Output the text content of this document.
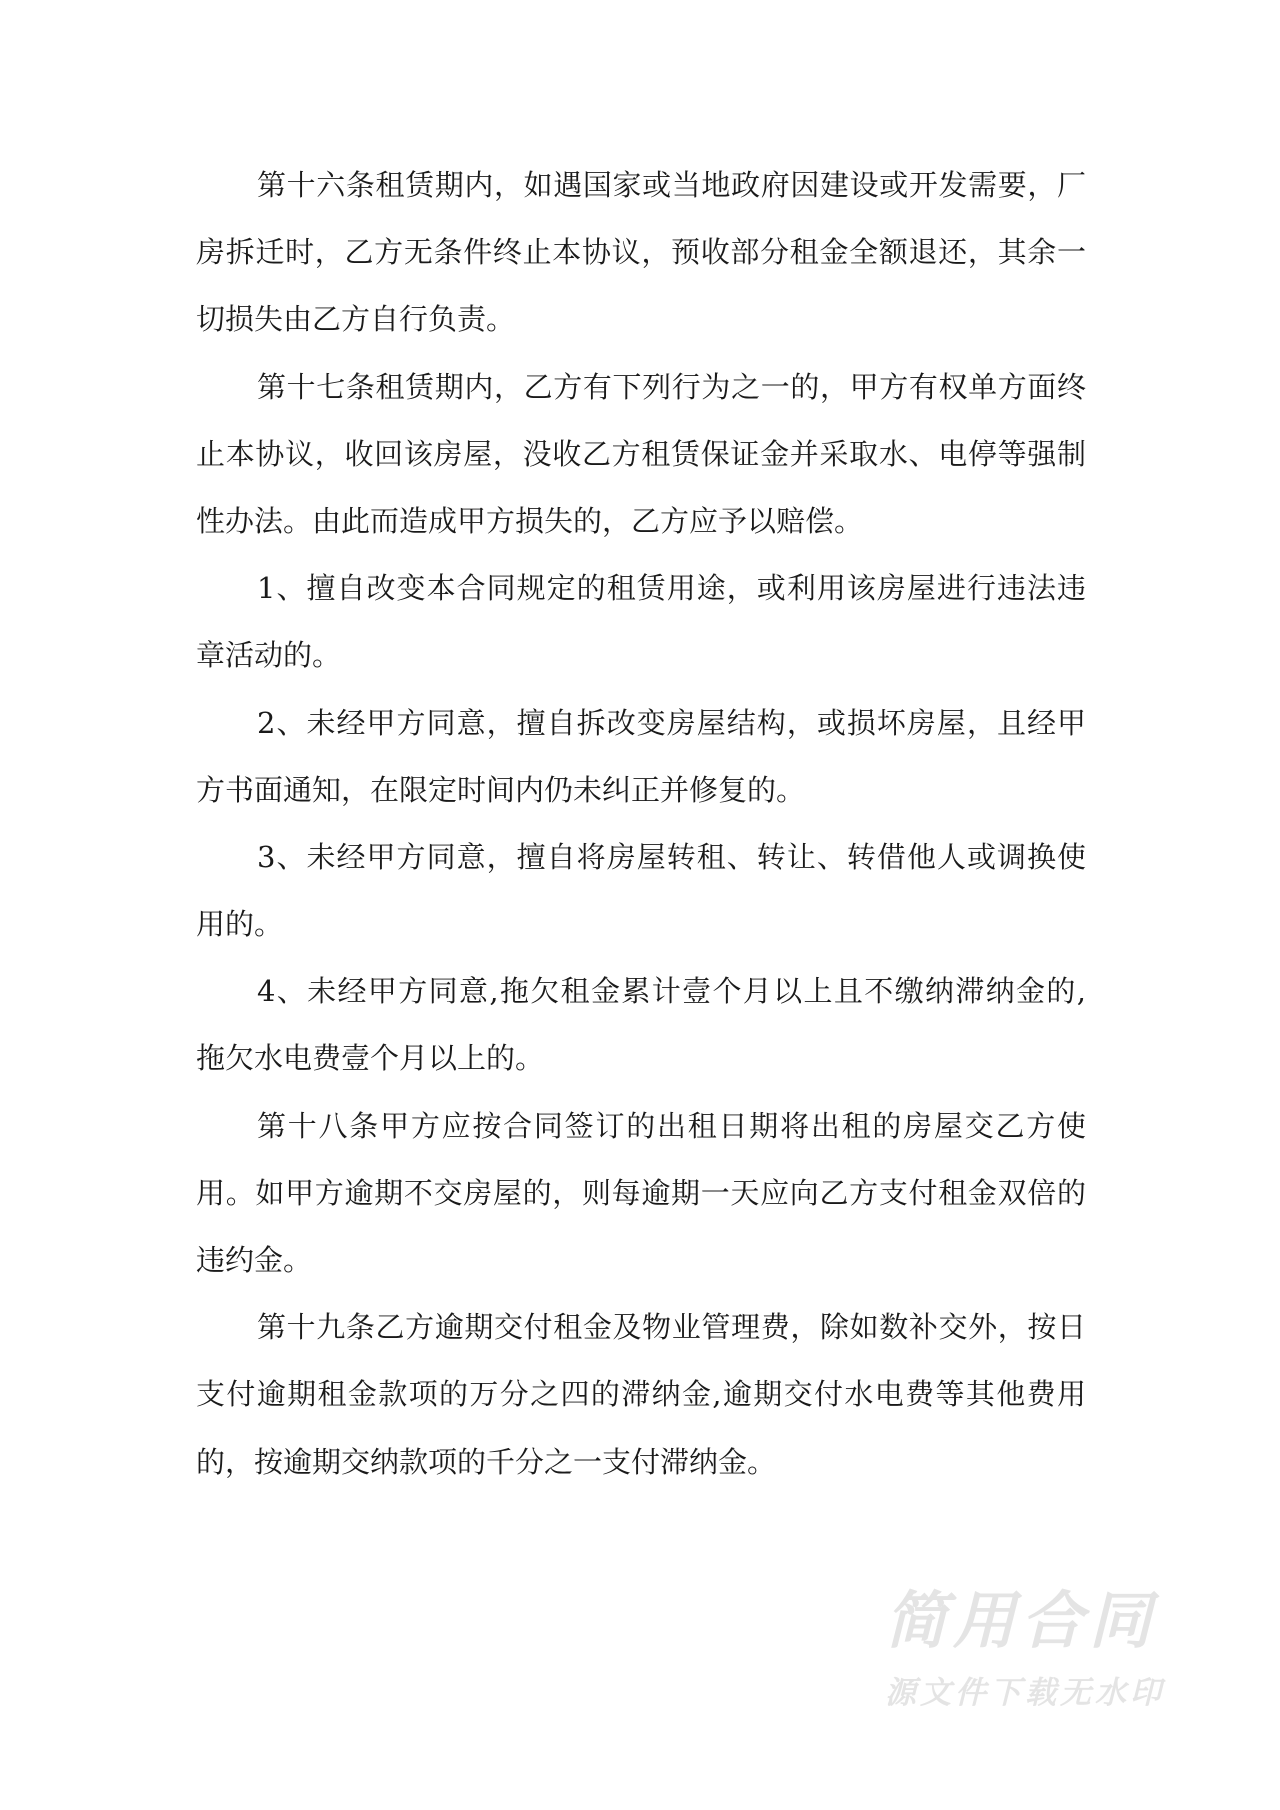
第十六条租赁期内，如遇国家或当地政府因建设或开发需要，厂
房拆迁时，乙方无条件终止本协议，预收部分租金全额退还，其余一
切损失由乙方自行负责。
第十七条租赁期内，乙方有下列行为之一的，甲方有权单方面终
止本协议，收回该房屋，没收乙方租赁保证金并采取水、电停等强制
性办法。由此而造成甲方损失的，乙方应予以赔偿。
1、擅自改变本合同规定的租赁用途，或利用该房屋进行违法违
章活动的。
2、未经甲方同意，擅自拆改变房屋结构，或损坏房屋，且经甲
方书面通知，在限定时间内仍未纠正并修复的。
3、未经甲方同意，擅自将房屋转租、转让、转借他人或调换使
用的。
4、未经甲方同意,拖欠租金累计壹个月以上且不缴纳滞纳金的,
拖欠水电费壹个月以上的。
第十八条甲方应按合同签订的出租日期将出租的房屋交乙方使
用。如甲方逾期不交房屋的，则每逾期一天应向乙方支付租金双倍的
违约金。
第十九条乙方逾期交付租金及物业管理费，除如数补交外，按日
支付逾期租金款项的万分之四的滞纳金,逾期交付水电费等其他费用
的，按逾期交纳款项的千分之一支付滞纳金。
简用合同
源文件下载无水印
